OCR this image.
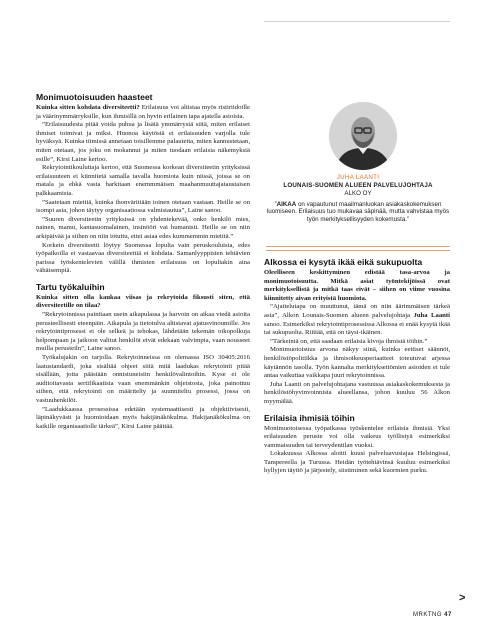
Monimuotoisuuden haasteet

Kuinka sitten kohdata diversiteetti? Erilaisuus voi altistaa myös ristiriidoille ja väärinymmärryksille, kun ihmisillä on hyvin erilainen tapa ajatella asioista.

”Erilaisuudesta pitää voida puhua ja lisätä ymmärrystä siitä, miten erilaiset ihmiset toimivat ja miksi. Huonoa käytöstä ei erilaisuuden varjolla tule hyväksyä. Kuinka tiimissä annetaan toisillemme palautetta, miten kannustetaan, miten otetaan, jos joku on mokannut ja miten tuodaan erilaisia näkemyksiä esille”, Kirsi Laine kertoo.

Rekrytointikouluttaja kertoo, että Suomessa korkean diversiteetin yrityksissä erilaisuuteen ei kiinnitetä samalla tavalla huomiota kuin niissä, joissa se on matala ja ehkä vasta harkitaan enemmmäisen maahanmuuttajataustaisen palkkaamista.

”Saatetaan miettiä, kuinka ihonvärittään toinen otetaan vastaan. Heille se on isompi asia, johon täytyy organisaatiossa valmistautua”, Laine sanoo.

”Suuren diversiteetin yrityksissä on yhdentekevää, onko henkilö mies, nainen, mamu, kantasuomalainen, insinööri vai humanisti. Heille se on niin arkipäivää ja siihen on niin totuttu, ettei asiaa edes kummemmin mietitä.”

Korkein diversiteetti löytyy Suomessa lopulta vain peruskouluista, edes työpaikoilla ei vastaavaa diversiteettiä ei kohdata. Samanlyyppisten tehtävien parissa työskentelevien välillä ihmisten erilaisuus on lopultakin aina vähäisempiä.

Tartu työkaluihin

Kuinka sitten olla kaukaa viisas ja rekrytoida fiksusti siten, että diversiteetille on tilaa?

”Rekrytoinnissa painitaan usein aikapulassa ja harvoin on aikaa viedä asioita perusteellisesti eteenpäin. Aikapula ja tietotulva altistavat ajatusvinoumille. Jos rekrytointiprosessi ei ole selkeä ja tehokas, lähdetään tekemän oikopolkuja helpompaan ja jatkoon valitut henkilöt eivät edekaan valvimpia, vaan nousseet muilla perusteiln”, Laine sanoo.

Työkalujakin on tarjolla. Rekrytoinneissa on olemassa ISO 30405:2016 laatustandardi, joka sisältää ohjeet siitä mitä laadukas rekrytointi pitää sisällään, jotta päästään onnistuneisiin henkilövalintoihin. Kyse ei ole auditoitavasta sertifikaatista vaan enemmänkin ohjeistosta, joka painottuu siihen, että rekrytointi on määritelty ja suunniteltu prosessi, jossa on vastuuhenkilöt.

”Laadukkaassa prosessissa edetään systemaattisesti ja objektiivisesti, läpinäkyvästi ja huomioidaan myös hakijänäkökulma. Hakijanäkökulma on kaikille organisaatiolle tärkeä”, Kirsi Laine päättää.

JUHA LAANTI
LOUNAIS-SUOMEN ALUEEN PALVELUJOHTAJA
ALKO OY
”AIKAA on vapautunut maailmanluokan asiakaskokemuksen luomiseen. Erilaisuus tuo mukavaa säpinää, mutta vahvistaa myös työn merkityksellisyyden kokemusta.”
Alkossa ei kysytä ikää eikä sukupuolta

Oleelliseen keskittyminen edistää tasa-arvoa ja monimuotoisuutta. Mitkä asiat työntekijöissä ovat merkityksellistä ja mitkä taas eivät – siihen on viime vuosina kiinnitetty aivan erityistä huomiota.

”Ajattelutapa on muuttunut, tämä on niin äärimmäisen tärkeä asia”, Alkon Lounais-Suomen alueen palvelujohtaja Juha Laanti sanoo. Esimerkiksi rekrytointiprosessissa Alkossa ei enää kysytä ikää tai sukupuolta. Riittää, että on täysi-ikäinen.

”Tärkeintä on, että saadaan erilaisia kivoja ihmisiä töihin.”

Monimuotoisuus arvona näkyy siinä, kuinka eettiset säännöt, henkilöstöpolitiikka ja ihmisoikeusperiaatteet toteutuvat arjessa käytännön tasolla. Työn kannalta merkityksettömien asioiden ei tule antaa vaikuttaa vaikkapa juuri rekrytoinnissa.

Juha Laanti on palvelujohtajana vastuussa asiakaskokemuksesta ja henkilöstöhyvinvoinnista alueellansa, johon kuuluu 56 Alkon myymälää.

Erilaisia ihmisiä töihin

Monimuotoisessa työpaikassa työskentelee erilaisia ihmisiä. Yksi erilaisuuden peruste voi olla vaikeus työllistyä esimerkiksi vammaisuuden tai terveydentilan vuoksi.

Lokakuussa Alkossa aloitti kuusi palveluavustajaa Helsingissä, Tampereella ja Turussa. Heidän työtehtävinsä kuuluu esimerkiksi hyllyjen täyttö ja järjestely, siistiminen sekä kuormien purku.

>
MRKTNG 47
